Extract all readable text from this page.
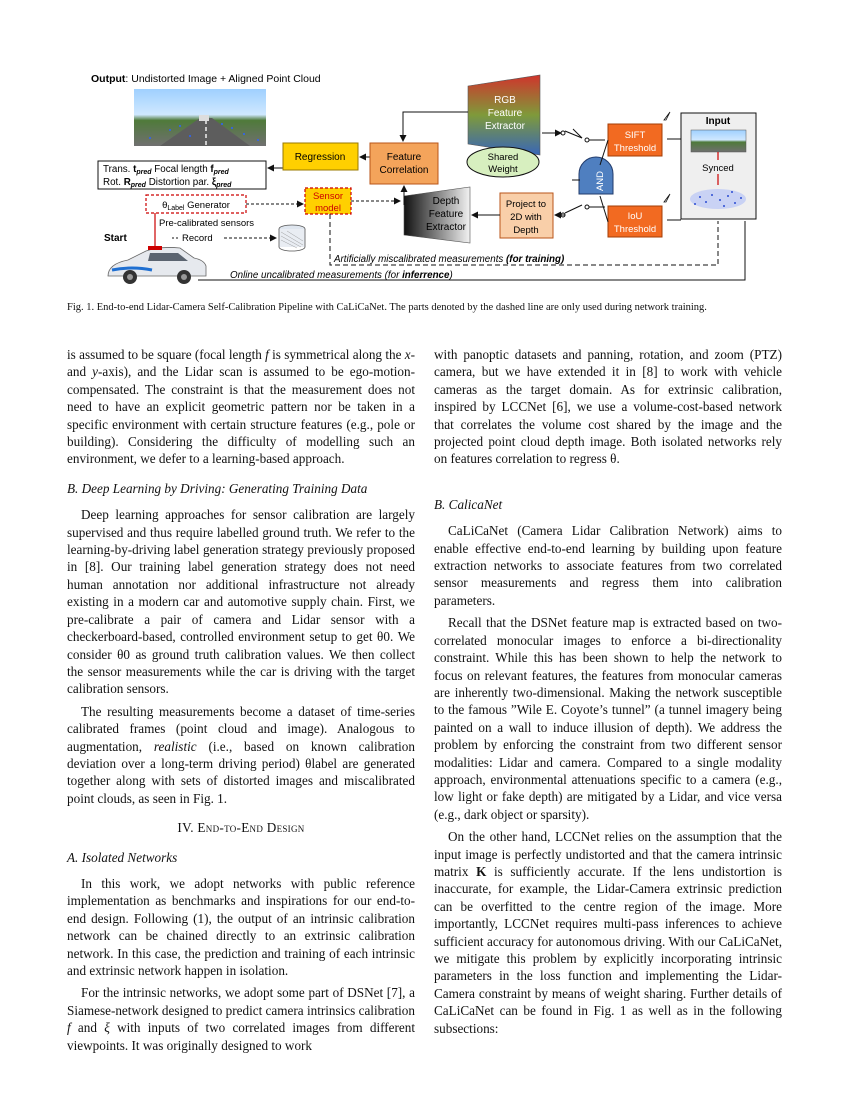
Output: Undistorted Image + Aligned Point Cloud
Trans. $t_{pred}$ Focal length $f_{pred}$
Rot. $R_{pred}$ Distortion par. $\xi_{pred}$
Regression	Feature
Correlation
RGB
Feature
Extractor
Shared
Weight
Depth
Feature
Extractor
Project to
2D with
Depth
SIFT
Threshold
IoU
Threshold
AND
Input
Synced
$\theta_{Label}$ Generator
Sensor
model
Pre-calibrated sensors
Record
Start
Artificially miscalibrated measurements (for training)
Online uncalibrated measurements (for inferrence)
Fig. 1. End-to-end Lidar-Camera Self-Calibration Pipeline with CaLiCaNet. The parts denoted by the dashed line are only used during network training.

is assumed to be square (focal length f is symmetrical along the x- and y-axis), and the Lidar scan is assumed to be ego-motion-compensated. The constraint is that the measurement does not need to have an explicit geometric pattern nor be taken in a specific environment with certain structure features (e.g., pole or building). Considering the difficulty of modelling such an environment, we defer to a learning-based approach.

B. Deep Learning by Driving: Generating Training Data

Deep learning approaches for sensor calibration are largely supervised and thus require labelled ground truth. We refer to the learning-by-driving label generation strategy previously proposed in [8]. Our training label generation strategy does not need human annotation nor additional infrastructure not already existing in a modern car and automotive supply chain. First, we pre-calibrate a pair of camera and Lidar sensor with a checkerboard-based, controlled environment setup to get θ0. We consider θ0 as ground truth calibration values. We then collect the sensor measurements while the car is driving with the target calibration sensors.

The resulting measurements become a dataset of time-series calibrated frames (point cloud and image). Analogous to augmentation, realistic (i.e., based on known calibration deviation over a long-term driving period) θlabel are generated together along with sets of distorted images and miscalibrated point clouds, as seen in Fig. 1.

IV. End-to-End Design
A. Isolated Networks

In this work, we adopt networks with public reference implementation as benchmarks and inspirations for our end-to-end design. Following (1), the output of an intrinsic calibration network can be chained directly to an extrinsic calibration network. In this case, the prediction and training of each intrinsic and extrinsic network happen in isolation.

For the intrinsic networks, we adopt some part of DSNet [7], a Siamese-network designed to predict camera intrinsics calibration f and ξ with inputs of two correlated images from different viewpoints. It was originally designed to work

with panoptic datasets and panning, rotation, and zoom (PTZ) camera, but we have extended it in [8] to work with vehicle cameras as the target domain. As for extrinsic calibration, inspired by LCCNet [6], we use a volume-cost-based network that correlates the volume cost shared by the image and the projected point cloud depth image. Both isolated networks rely on features correlation to regress θ.

B. CalicaNet

CaLiCaNet (Camera Lidar Calibration Network) aims to enable effective end-to-end learning by building upon feature extraction networks to associate features from two correlated sensor measurements and regress them into calibration parameters.

Recall that the DSNet feature map is extracted based on two-correlated monocular images to enforce a bi-directionality constraint. While this has been shown to help the network to focus on relevant features, the features from monocular cameras are inherently two-dimensional. Making the network susceptible to the famous ”Wile E. Coyote’s tunnel” (a tunnel imagery being painted on a wall to induce illusion of depth). We address the problem by enforcing the constraint from two different sensor modalities: Lidar and camera. Compared to a single modality approach, environmental attenuations specific to a camera (e.g., low light or fake depth) are mitigated by a Lidar, and vice versa (e.g., dark object or sparsity).

On the other hand, LCCNet relies on the assumption that the input image is perfectly undistorted and that the camera intrinsic matrix K is sufficiently accurate. If the lens undistortion is inaccurate, for example, the Lidar-Camera extrinsic prediction can be overfitted to the centre region of the image. More importantly, LCCNet requires multi-pass inferences to achieve sufficient accuracy for autonomous driving. With our CaLiCaNet, we mitigate this problem by explicitly incorporating intrinsic parameters in the loss function and implementing the Lidar-Camera constraint by means of weight sharing. Further details of CaLiCaNet can be found in Fig. 1 as well as in the following subsections:
